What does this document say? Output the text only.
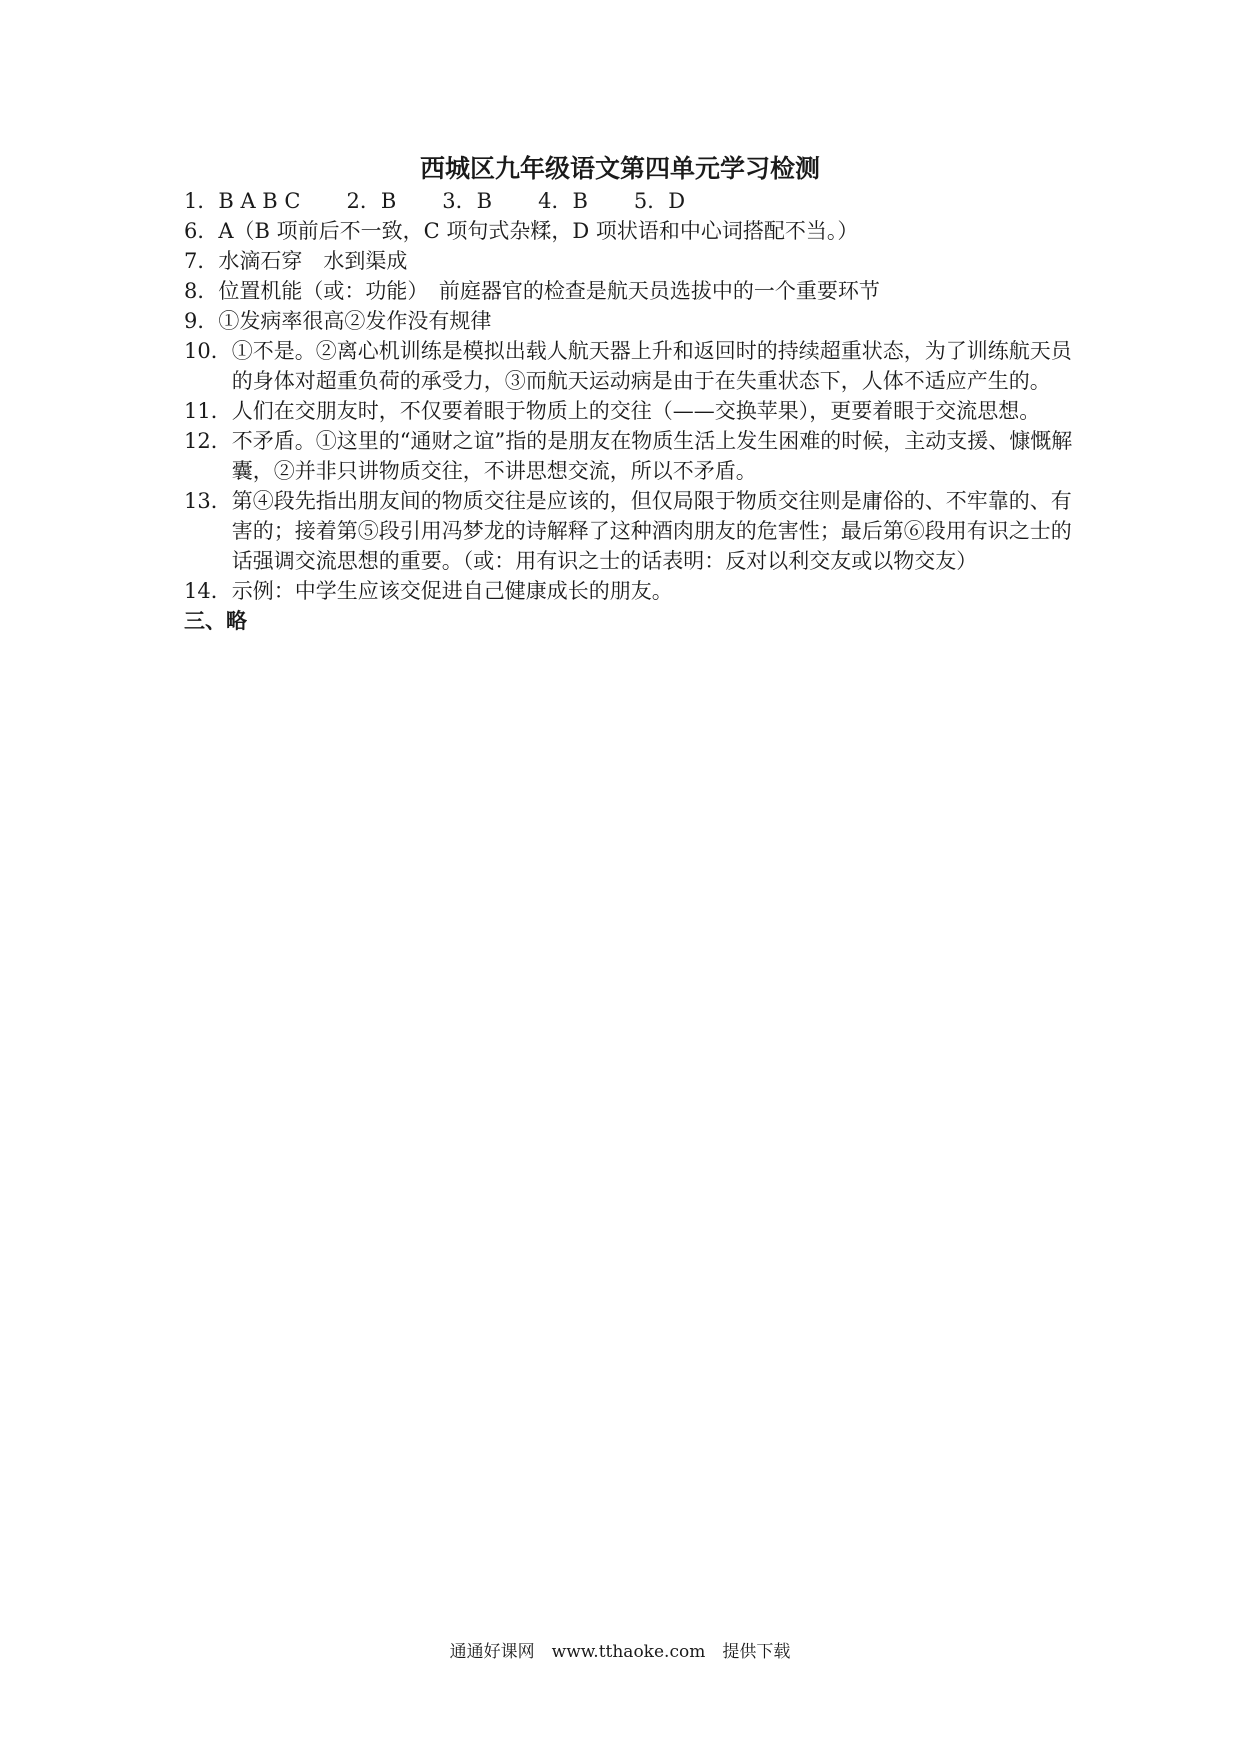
西城区九年级语文第四单元学习检测
1．B A B C 2．B 3．B 4．B 5．D
6． A（B 项前后不一致，C 项句式杂糅，D 项状语和中心词搭配不当。）
7． 水滴石穿　水到渠成
8． 位置机能（或：功能）　前庭器官的检查是航天员选拔中的一个重要环节
9． ①发病率很高②发作没有规律
10． ①不是。②离心机训练是模拟出载人航天器上升和返回时的持续超重状态，为了训练航天员的身体对超重负荷的承受力，③而航天运动病是由于在失重状态下，人体不适应产生的。
11． 人们在交朋友时，不仅要着眼于物质上的交往（——交换苹果），更要着眼于交流思想。
12． 不矛盾。①这里的“通财之谊”指的是朋友在物质生活上发生困难的时候，主动支援、慷慨解囊，②并非只讲物质交往，不讲思想交流，所以不矛盾。
13． 第④段先指出朋友间的物质交往是应该的，但仅局限于物质交往则是庸俗的、不牢靠的、有害的；接着第⑤段引用冯梦龙的诗解释了这种酒肉朋友的危害性；最后第⑥段用有识之士的话强调交流思想的重要。（或：用有识之士的话表明：反对以利交友或以物交友）
14． 示例：中学生应该交促进自己健康成长的朋友。
三、略
通通好课网　www.tthaoke.com　提供下载
